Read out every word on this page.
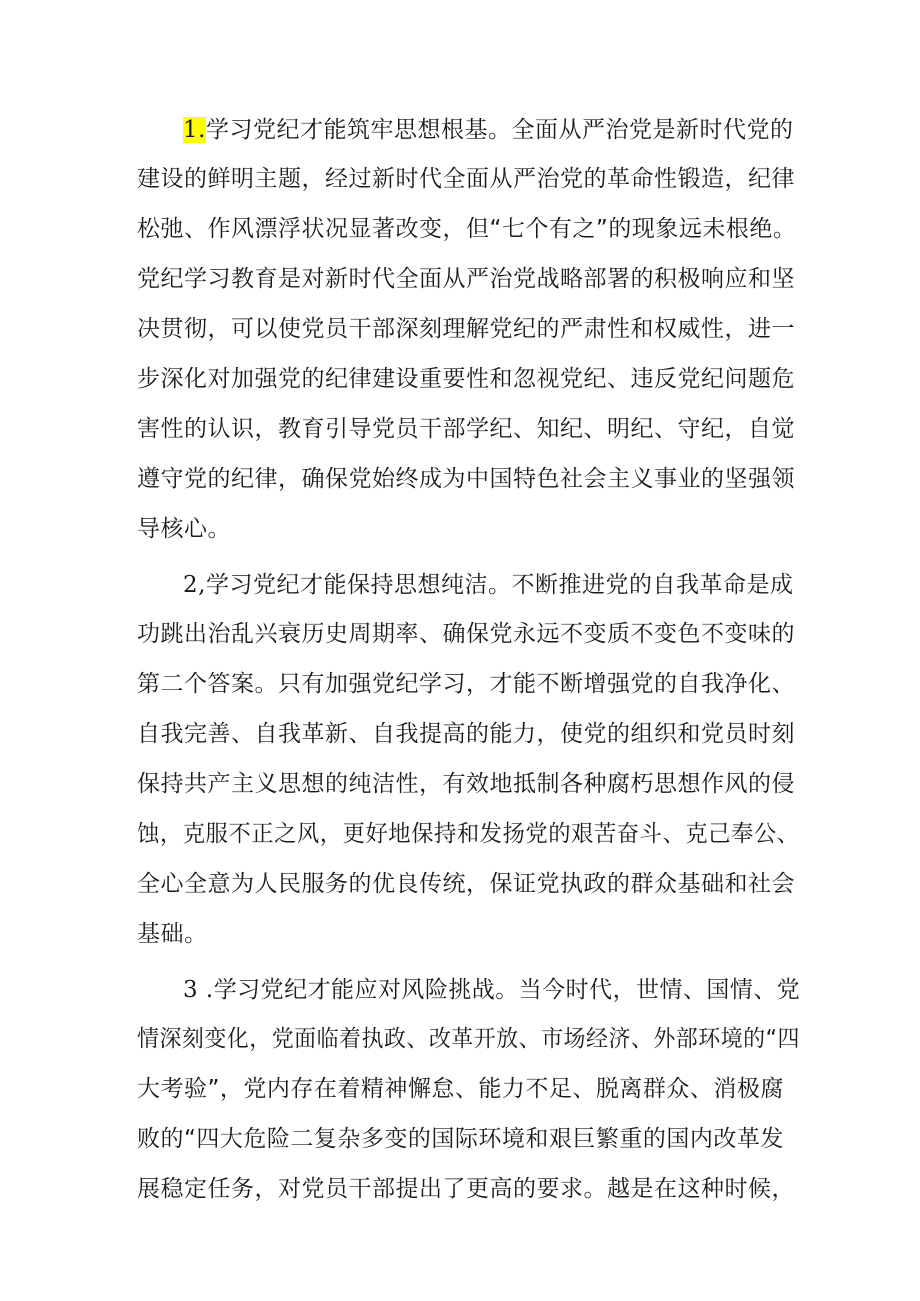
1.学习党纪才能筑牢思想根基。全面从严治党是新时代党的
建设的鲜明主题，经过新时代全面从严治党的革命性锻造，纪律
松弛、作风漂浮状况显著改变，但“七个有之”的现象远未根绝。
党纪学习教育是对新时代全面从严治党战略部署的积极响应和坚
决贯彻，可以使党员干部深刻理解党纪的严肃性和权威性，进一
步深化对加强党的纪律建设重要性和忽视党纪、违反党纪问题危
害性的认识，教育引导党员干部学纪、知纪、明纪、守纪，自觉
遵守党的纪律，确保党始终成为中国特色社会主义事业的坚强领
导核心。
2,学习党纪才能保持思想纯洁。不断推进党的自我革命是成
功跳出治乱兴衰历史周期率、确保党永远不变质不变色不变味的
第二个答案。只有加强党纪学习，才能不断增强党的自我净化、
自我完善、自我革新、自我提高的能力，使党的组织和党员时刻
保持共产主义思想的纯洁性，有效地抵制各种腐朽思想作风的侵
蚀，克服不正之风，更好地保持和发扬党的艰苦奋斗、克己奉公、
全心全意为人民服务的优良传统，保证党执政的群众基础和社会
基础。
3 .学习党纪才能应对风险挑战。当今时代，世情、国情、党
情深刻变化，党面临着执政、改革开放、市场经济、外部环境的“四
大考验”，党内存在着精神懈怠、能力不足、脱离群众、消极腐
败的“四大危险二复杂多变的国际环境和艰巨繁重的国内改革发
展稳定任务，对党员干部提出了更高的要求。越是在这种时候，
